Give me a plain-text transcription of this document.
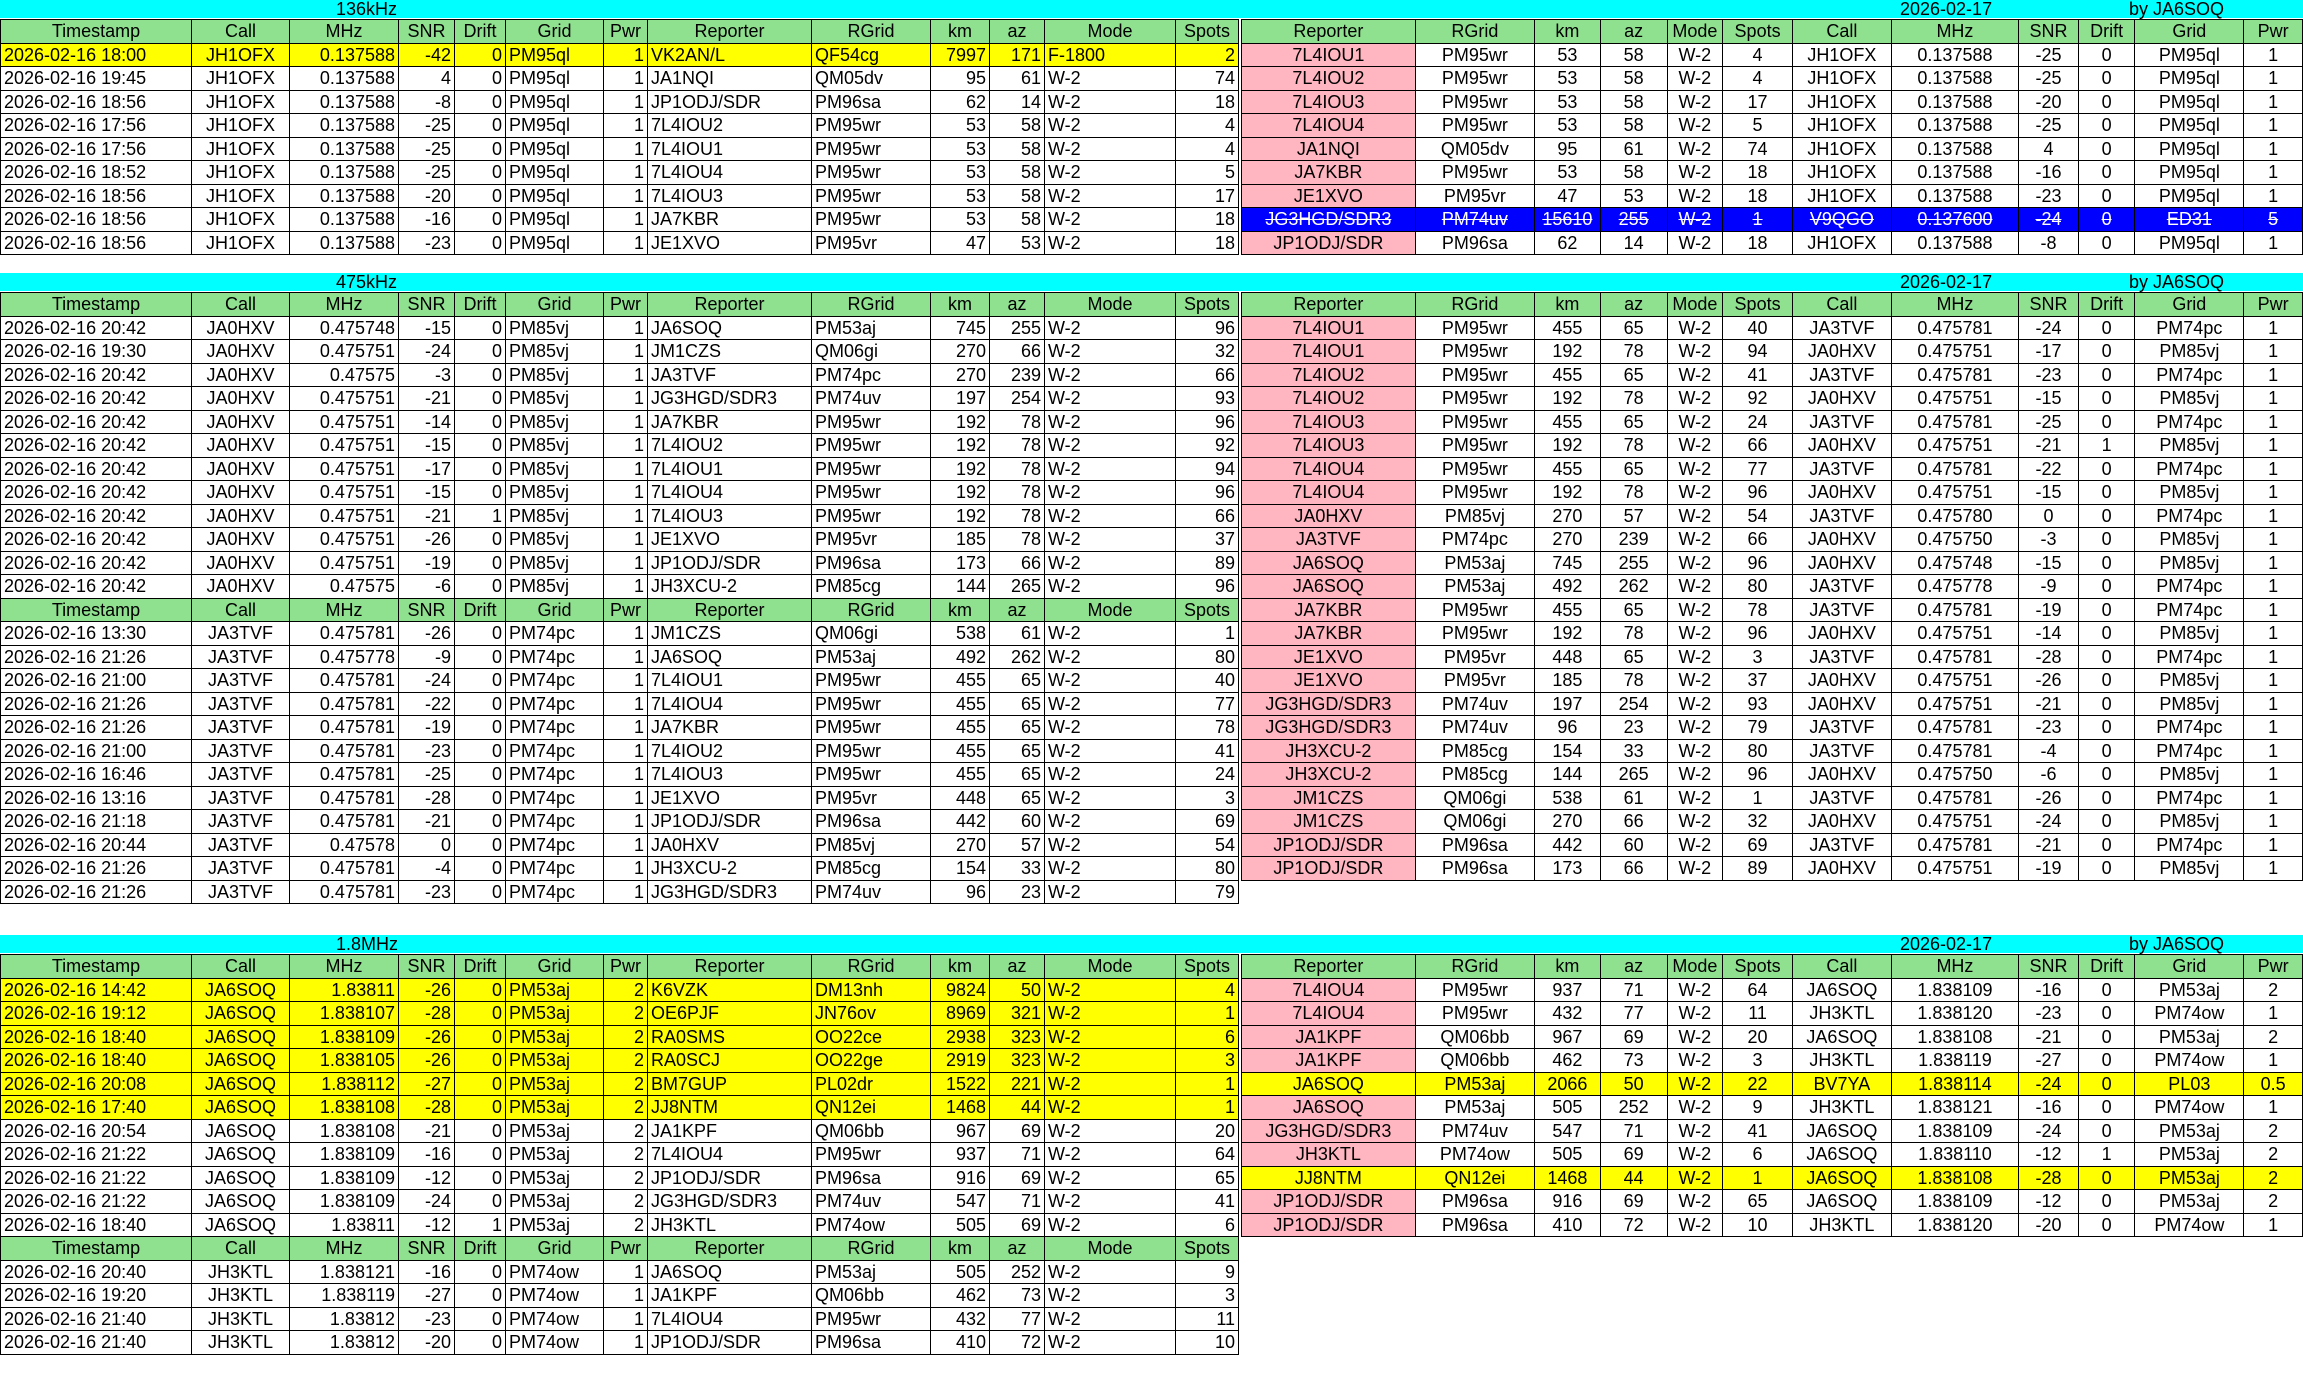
136kHz	2026-02-17	by JA6SOQ
475kHz	2026-02-17	by JA6SOQ
1.8MHz	2026-02-17	by JA6SOQ
Timestamp	Call	MHz	SNR	Drift	Grid	Pwr	Reporter	RGrid	km	az	Mode	Spots
2026-02-16 18:00	JH1OFX	0.137588	-42	0	PM95ql	1	VK2AN/L	QF54cg	7997	171	F-1800	2
2026-02-16 19:45	JH1OFX	0.137588	4	0	PM95ql	1	JA1NQI	QM05dv	95	61	W-2	74
2026-02-16 18:56	JH1OFX	0.137588	-8	0	PM95ql	1	JP1ODJ/SDR	PM96sa	62	14	W-2	18
2026-02-16 17:56	JH1OFX	0.137588	-25	0	PM95ql	1	7L4IOU2	PM95wr	53	58	W-2	4
2026-02-16 17:56	JH1OFX	0.137588	-25	0	PM95ql	1	7L4IOU1	PM95wr	53	58	W-2	4
2026-02-16 18:52	JH1OFX	0.137588	-25	0	PM95ql	1	7L4IOU4	PM95wr	53	58	W-2	5
2026-02-16 18:56	JH1OFX	0.137588	-20	0	PM95ql	1	7L4IOU3	PM95wr	53	58	W-2	17
2026-02-16 18:56	JH1OFX	0.137588	-16	0	PM95ql	1	JA7KBR	PM95wr	53	58	W-2	18
2026-02-16 18:56	JH1OFX	0.137588	-23	0	PM95ql	1	JE1XVO	PM95vr	47	53	W-2	18
Timestamp	Call	MHz	SNR	Drift	Grid	Pwr	Reporter	RGrid	km	az	Mode	Spots
2026-02-16 20:42	JA0HXV	0.475748	-15	0	PM85vj	1	JA6SOQ	PM53aj	745	255	W-2	96
2026-02-16 19:30	JA0HXV	0.475751	-24	0	PM85vj	1	JM1CZS	QM06gi	270	66	W-2	32
2026-02-16 20:42	JA0HXV	0.47575	-3	0	PM85vj	1	JA3TVF	PM74pc	270	239	W-2	66
2026-02-16 20:42	JA0HXV	0.475751	-21	0	PM85vj	1	JG3HGD/SDR3	PM74uv	197	254	W-2	93
2026-02-16 20:42	JA0HXV	0.475751	-14	0	PM85vj	1	JA7KBR	PM95wr	192	78	W-2	96
2026-02-16 20:42	JA0HXV	0.475751	-15	0	PM85vj	1	7L4IOU2	PM95wr	192	78	W-2	92
2026-02-16 20:42	JA0HXV	0.475751	-17	0	PM85vj	1	7L4IOU1	PM95wr	192	78	W-2	94
2026-02-16 20:42	JA0HXV	0.475751	-15	0	PM85vj	1	7L4IOU4	PM95wr	192	78	W-2	96
2026-02-16 20:42	JA0HXV	0.475751	-21	1	PM85vj	1	7L4IOU3	PM95wr	192	78	W-2	66
2026-02-16 20:42	JA0HXV	0.475751	-26	0	PM85vj	1	JE1XVO	PM95vr	185	78	W-2	37
2026-02-16 20:42	JA0HXV	0.475751	-19	0	PM85vj	1	JP1ODJ/SDR	PM96sa	173	66	W-2	89
2026-02-16 20:42	JA0HXV	0.47575	-6	0	PM85vj	1	JH3XCU-2	PM85cg	144	265	W-2	96
Timestamp	Call	MHz	SNR	Drift	Grid	Pwr	Reporter	RGrid	km	az	Mode	Spots
2026-02-16 13:30	JA3TVF	0.475781	-26	0	PM74pc	1	JM1CZS	QM06gi	538	61	W-2	1
2026-02-16 21:26	JA3TVF	0.475778	-9	0	PM74pc	1	JA6SOQ	PM53aj	492	262	W-2	80
2026-02-16 21:00	JA3TVF	0.475781	-24	0	PM74pc	1	7L4IOU1	PM95wr	455	65	W-2	40
2026-02-16 21:26	JA3TVF	0.475781	-22	0	PM74pc	1	7L4IOU4	PM95wr	455	65	W-2	77
2026-02-16 21:26	JA3TVF	0.475781	-19	0	PM74pc	1	JA7KBR	PM95wr	455	65	W-2	78
2026-02-16 21:00	JA3TVF	0.475781	-23	0	PM74pc	1	7L4IOU2	PM95wr	455	65	W-2	41
2026-02-16 16:46	JA3TVF	0.475781	-25	0	PM74pc	1	7L4IOU3	PM95wr	455	65	W-2	24
2026-02-16 13:16	JA3TVF	0.475781	-28	0	PM74pc	1	JE1XVO	PM95vr	448	65	W-2	3
2026-02-16 21:18	JA3TVF	0.475781	-21	0	PM74pc	1	JP1ODJ/SDR	PM96sa	442	60	W-2	69
2026-02-16 20:44	JA3TVF	0.47578	0	0	PM74pc	1	JA0HXV	PM85vj	270	57	W-2	54
2026-02-16 21:26	JA3TVF	0.475781	-4	0	PM74pc	1	JH3XCU-2	PM85cg	154	33	W-2	80
2026-02-16 21:26	JA3TVF	0.475781	-23	0	PM74pc	1	JG3HGD/SDR3	PM74uv	96	23	W-2	79
Timestamp	Call	MHz	SNR	Drift	Grid	Pwr	Reporter	RGrid	km	az	Mode	Spots
2026-02-16 14:42	JA6SOQ	1.83811	-26	0	PM53aj	2	K6VZK	DM13nh	9824	50	W-2	4
2026-02-16 19:12	JA6SOQ	1.838107	-28	0	PM53aj	2	OE6PJF	JN76ov	8969	321	W-2	1
2026-02-16 18:40	JA6SOQ	1.838109	-26	0	PM53aj	2	RA0SMS	OO22ce	2938	323	W-2	6
2026-02-16 18:40	JA6SOQ	1.838105	-26	0	PM53aj	2	RA0SCJ	OO22ge	2919	323	W-2	3
2026-02-16 20:08	JA6SOQ	1.838112	-27	0	PM53aj	2	BM7GUP	PL02dr	1522	221	W-2	1
2026-02-16 17:40	JA6SOQ	1.838108	-28	0	PM53aj	2	JJ8NTM	QN12ei	1468	44	W-2	1
2026-02-16 20:54	JA6SOQ	1.838108	-21	0	PM53aj	2	JA1KPF	QM06bb	967	69	W-2	20
2026-02-16 21:22	JA6SOQ	1.838109	-16	0	PM53aj	2	7L4IOU4	PM95wr	937	71	W-2	64
2026-02-16 21:22	JA6SOQ	1.838109	-12	0	PM53aj	2	JP1ODJ/SDR	PM96sa	916	69	W-2	65
2026-02-16 21:22	JA6SOQ	1.838109	-24	0	PM53aj	2	JG3HGD/SDR3	PM74uv	547	71	W-2	41
2026-02-16 18:40	JA6SOQ	1.83811	-12	1	PM53aj	2	JH3KTL	PM74ow	505	69	W-2	6
Timestamp	Call	MHz	SNR	Drift	Grid	Pwr	Reporter	RGrid	km	az	Mode	Spots
2026-02-16 20:40	JH3KTL	1.838121	-16	0	PM74ow	1	JA6SOQ	PM53aj	505	252	W-2	9
2026-02-16 19:20	JH3KTL	1.838119	-27	0	PM74ow	1	JA1KPF	QM06bb	462	73	W-2	3
2026-02-16 21:40	JH3KTL	1.83812	-23	0	PM74ow	1	7L4IOU4	PM95wr	432	77	W-2	11
2026-02-16 21:40	JH3KTL	1.83812	-20	0	PM74ow	1	JP1ODJ/SDR	PM96sa	410	72	W-2	10
Reporter	RGrid	km	az	Mode	Spots	Call	MHz	SNR	Drift	Grid	Pwr
7L4IOU1	PM95wr	53	58	W-2	4	JH1OFX	0.137588	-25	0	PM95ql	1
7L4IOU2	PM95wr	53	58	W-2	4	JH1OFX	0.137588	-25	0	PM95ql	1
7L4IOU3	PM95wr	53	58	W-2	17	JH1OFX	0.137588	-20	0	PM95ql	1
7L4IOU4	PM95wr	53	58	W-2	5	JH1OFX	0.137588	-25	0	PM95ql	1
JA1NQI	QM05dv	95	61	W-2	74	JH1OFX	0.137588	4	0	PM95ql	1
JA7KBR	PM95wr	53	58	W-2	18	JH1OFX	0.137588	-16	0	PM95ql	1
JE1XVO	PM95vr	47	53	W-2	18	JH1OFX	0.137588	-23	0	PM95ql	1
JG3HGD/SDR3	PM74uv	15610	255	W-2	1	V9QGO	0.137600	-24	0	ED31	5
JP1ODJ/SDR	PM96sa	62	14	W-2	18	JH1OFX	0.137588	-8	0	PM95ql	1
Reporter	RGrid	km	az	Mode	Spots	Call	MHz	SNR	Drift	Grid	Pwr
7L4IOU1	PM95wr	455	65	W-2	40	JA3TVF	0.475781	-24	0	PM74pc	1
7L4IOU1	PM95wr	192	78	W-2	94	JA0HXV	0.475751	-17	0	PM85vj	1
7L4IOU2	PM95wr	455	65	W-2	41	JA3TVF	0.475781	-23	0	PM74pc	1
7L4IOU2	PM95wr	192	78	W-2	92	JA0HXV	0.475751	-15	0	PM85vj	1
7L4IOU3	PM95wr	455	65	W-2	24	JA3TVF	0.475781	-25	0	PM74pc	1
7L4IOU3	PM95wr	192	78	W-2	66	JA0HXV	0.475751	-21	1	PM85vj	1
7L4IOU4	PM95wr	455	65	W-2	77	JA3TVF	0.475781	-22	0	PM74pc	1
7L4IOU4	PM95wr	192	78	W-2	96	JA0HXV	0.475751	-15	0	PM85vj	1
JA0HXV	PM85vj	270	57	W-2	54	JA3TVF	0.475780	0	0	PM74pc	1
JA3TVF	PM74pc	270	239	W-2	66	JA0HXV	0.475750	-3	0	PM85vj	1
JA6SOQ	PM53aj	745	255	W-2	96	JA0HXV	0.475748	-15	0	PM85vj	1
JA6SOQ	PM53aj	492	262	W-2	80	JA3TVF	0.475778	-9	0	PM74pc	1
JA7KBR	PM95wr	455	65	W-2	78	JA3TVF	0.475781	-19	0	PM74pc	1
JA7KBR	PM95wr	192	78	W-2	96	JA0HXV	0.475751	-14	0	PM85vj	1
JE1XVO	PM95vr	448	65	W-2	3	JA3TVF	0.475781	-28	0	PM74pc	1
JE1XVO	PM95vr	185	78	W-2	37	JA0HXV	0.475751	-26	0	PM85vj	1
JG3HGD/SDR3	PM74uv	197	254	W-2	93	JA0HXV	0.475751	-21	0	PM85vj	1
JG3HGD/SDR3	PM74uv	96	23	W-2	79	JA3TVF	0.475781	-23	0	PM74pc	1
JH3XCU-2	PM85cg	154	33	W-2	80	JA3TVF	0.475781	-4	0	PM74pc	1
JH3XCU-2	PM85cg	144	265	W-2	96	JA0HXV	0.475750	-6	0	PM85vj	1
JM1CZS	QM06gi	538	61	W-2	1	JA3TVF	0.475781	-26	0	PM74pc	1
JM1CZS	QM06gi	270	66	W-2	32	JA0HXV	0.475751	-24	0	PM85vj	1
JP1ODJ/SDR	PM96sa	442	60	W-2	69	JA3TVF	0.475781	-21	0	PM74pc	1
JP1ODJ/SDR	PM96sa	173	66	W-2	89	JA0HXV	0.475751	-19	0	PM85vj	1
Reporter	RGrid	km	az	Mode	Spots	Call	MHz	SNR	Drift	Grid	Pwr
7L4IOU4	PM95wr	937	71	W-2	64	JA6SOQ	1.838109	-16	0	PM53aj	2
7L4IOU4	PM95wr	432	77	W-2	11	JH3KTL	1.838120	-23	0	PM74ow	1
JA1KPF	QM06bb	967	69	W-2	20	JA6SOQ	1.838108	-21	0	PM53aj	2
JA1KPF	QM06bb	462	73	W-2	3	JH3KTL	1.838119	-27	0	PM74ow	1
JA6SOQ	PM53aj	2066	50	W-2	22	BV7YA	1.838114	-24	0	PL03	0.5
JA6SOQ	PM53aj	505	252	W-2	9	JH3KTL	1.838121	-16	0	PM74ow	1
JG3HGD/SDR3	PM74uv	547	71	W-2	41	JA6SOQ	1.838109	-24	0	PM53aj	2
JH3KTL	PM74ow	505	69	W-2	6	JA6SOQ	1.838110	-12	1	PM53aj	2
JJ8NTM	QN12ei	1468	44	W-2	1	JA6SOQ	1.838108	-28	0	PM53aj	2
JP1ODJ/SDR	PM96sa	916	69	W-2	65	JA6SOQ	1.838109	-12	0	PM53aj	2
JP1ODJ/SDR	PM96sa	410	72	W-2	10	JH3KTL	1.838120	-20	0	PM74ow	1
